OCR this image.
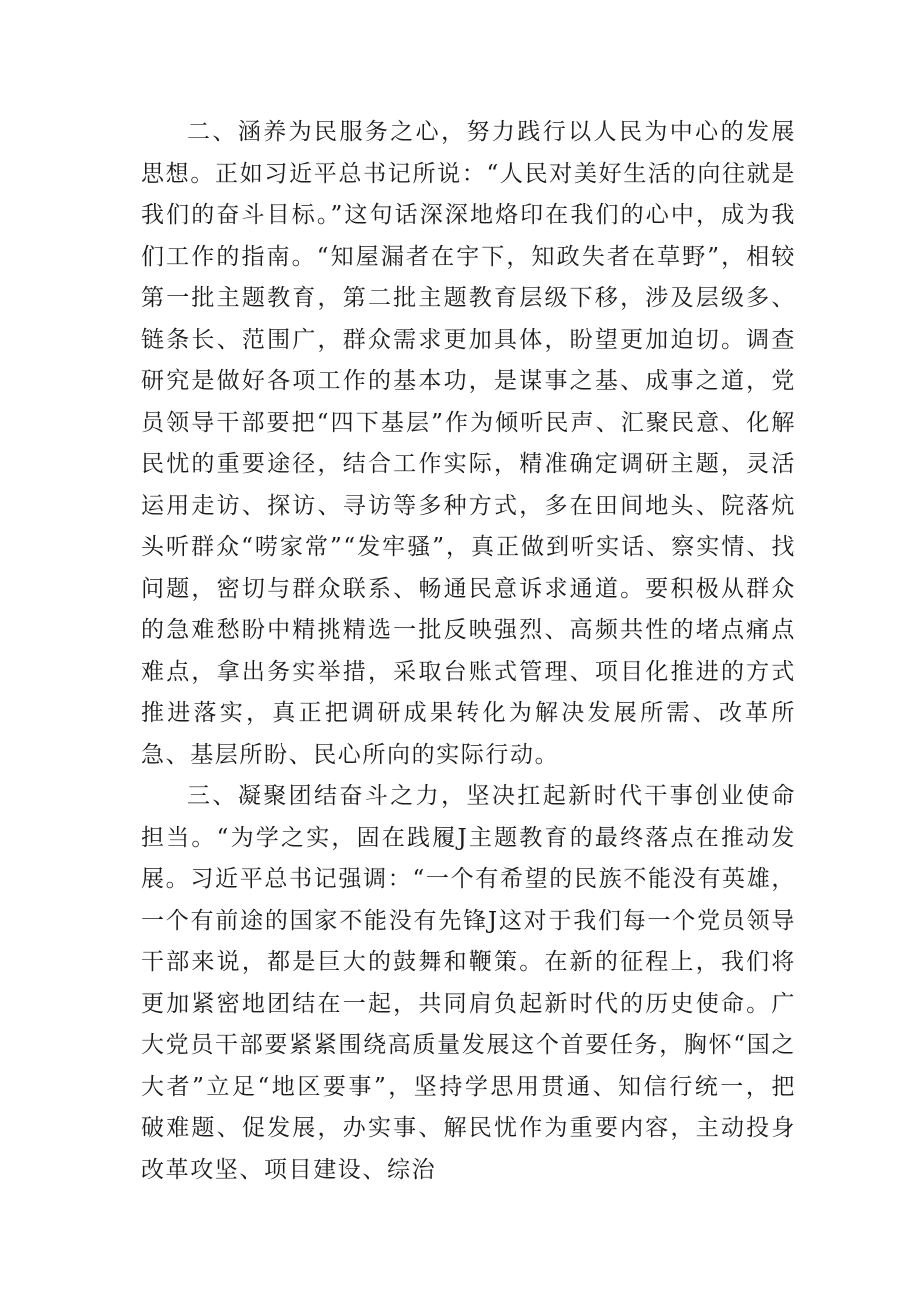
二、涵养为民服务之心，努力践行以人民为中心的发展思想。正如习近平总书记所说：“人民对美好生活的向往就是我们的奋斗目标。”这句话深深地烙印在我们的心中，成为我们工作的指南。“知屋漏者在宇下，知政失者在草野”，相较第一批主题教育，第二批主题教育层级下移，涉及层级多、链条长、范围广，群众需求更加具体，盼望更加迫切。调查研究是做好各项工作的基本功，是谋事之基、成事之道，党员领导干部要把“四下基层”作为倾听民声、汇聚民意、化解民忧的重要途径，结合工作实际，精准确定调研主题，灵活运用走访、探访、寻访等多种方式，多在田间地头、院落炕头听群众“唠家常”“发牢骚”，真正做到听实话、察实情、找问题，密切与群众联系、畅通民意诉求通道。要积极从群众的急难愁盼中精挑精选一批反映强烈、高频共性的堵点痛点难点，拿出务实举措，采取台账式管理、项目化推进的方式推进落实，真正把调研成果转化为解决发展所需、改革所急、基层所盼、民心所向的实际行动。

三、凝聚团结奋斗之力，坚决扛起新时代干事创业使命担当。“为学之实，固在践履J主题教育的最终落点在推动发展。习近平总书记强调：“一个有希望的民族不能没有英雄，一个有前途的国家不能没有先锋J这对于我们每一个党员领导干部来说，都是巨大的鼓舞和鞭策。在新的征程上，我们将更加紧密地团结在一起，共同肩负起新时代的历史使命。广大党员干部要紧紧围绕高质量发展这个首要任务，胸怀“国之大者”立足“地区要事”，坚持学思用贯通、知信行统一，把破难题、促发展，办实事、解民忧作为重要内容，主动投身改革攻坚、项目建设、综治
